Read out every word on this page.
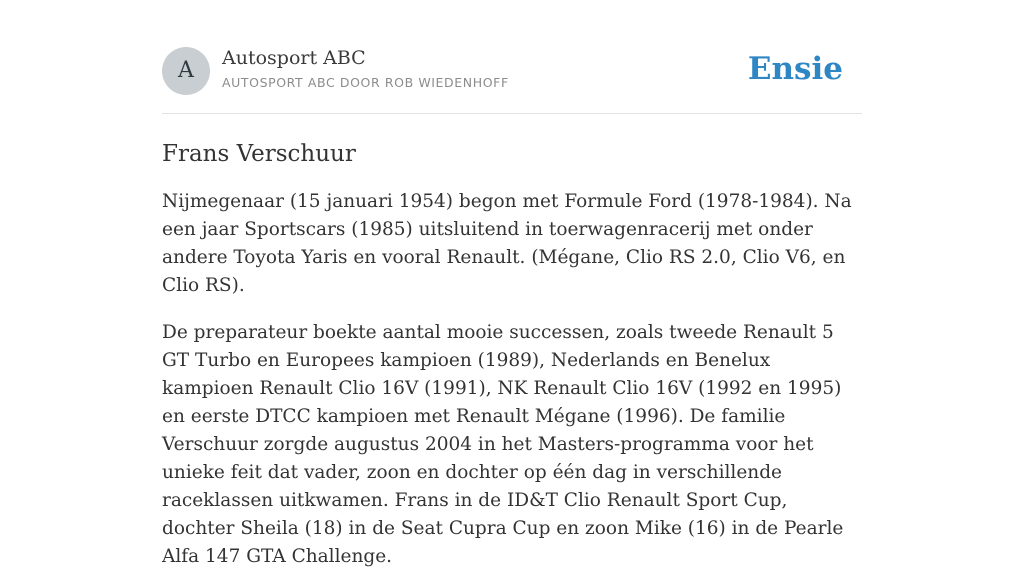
A	Autosport ABC
AUTOSPORT ABC DOOR ROB WIEDENHOFF	Ensie
Frans Verschuur

Nijmegenaar (15 januari 1954) begon met Formule Ford (1978-1984). Na een jaar Sportscars (1985) uitsluitend in toerwagenracerij met onder andere Toyota Yaris en vooral Renault. (Mégane, Clio RS 2.0, Clio V6, en Clio RS).

De preparateur boekte aantal mooie successen, zoals tweede Renault 5 GT Turbo en Europees kampioen (1989), Nederlands en Benelux kampioen Renault Clio 16V (1991), NK Renault Clio 16V (1992 en 1995) en eerste DTCC kampioen met Renault Mégane (1996). De familie Verschuur zorgde augustus 2004 in het Masters-programma voor het unieke feit dat vader, zoon en dochter op één dag in verschillende raceklassen uitkwamen. Frans in de ID&T Clio Renault Sport Cup, dochter Sheila (18) in de Seat Cupra Cup en zoon Mike (16) in de Pearle Alfa 147 GTA Challenge.
